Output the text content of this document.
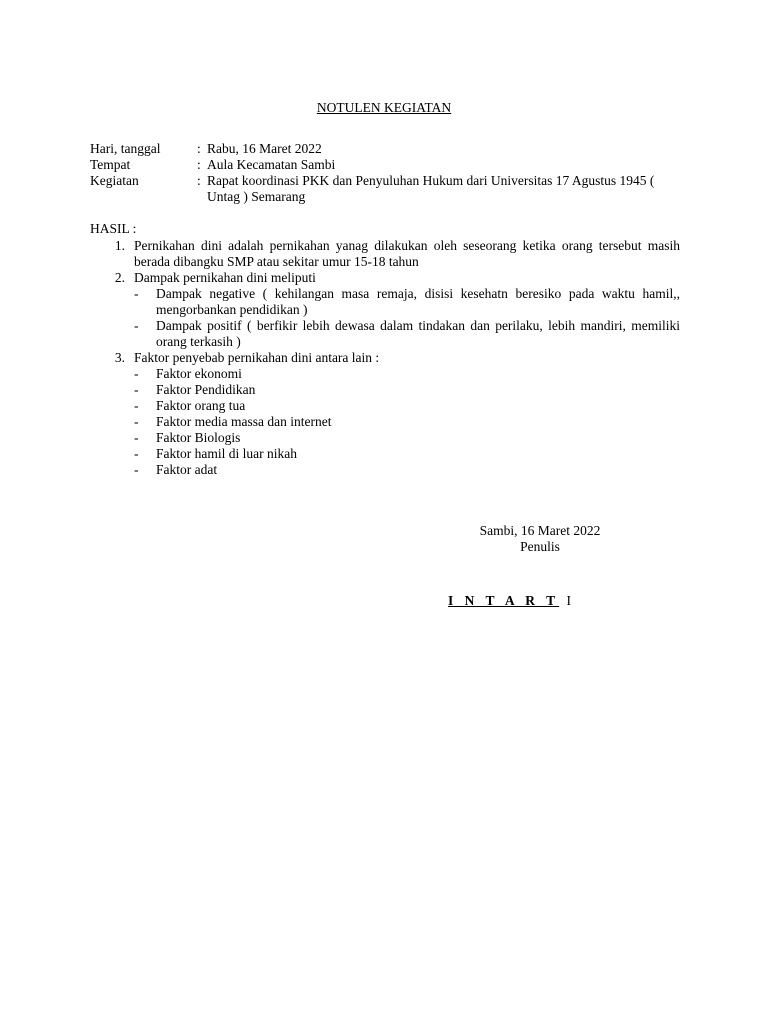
NOTULEN KEGIATAN
Hari, tanggal	: Rabu, 16 Maret 2022
Tempat	: Aula Kecamatan Sambi
Kegiatan	: Rapat koordinasi PKK dan Penyuluhan Hukum dari Universitas 17 Agustus 1945 ( Untag ) Semarang
HASIL :
1. Pernikahan dini adalah pernikahan yanag dilakukan oleh seseorang ketika orang tersebut masih berada dibangku SMP atau sekitar umur 15-18 tahun
2. Dampak pernikahan dini meliputi
-	Dampak negative ( kehilangan masa remaja, disisi kesehatn beresiko pada waktu hamil,, mengorbankan pendidikan )
-	Dampak positif ( berfikir lebih dewasa dalam tindakan dan perilaku, lebih mandiri, memiliki orang terkasih )
3. Faktor penyebab pernikahan dini antara lain :
-	Faktor ekonomi
-	Faktor Pendidikan
-	Faktor orang tua
-	Faktor media massa dan internet
-	Faktor Biologis
-	Faktor hamil di luar nikah
-	Faktor adat
Sambi, 16 Maret 2022
Penulis
I N T A R T I
